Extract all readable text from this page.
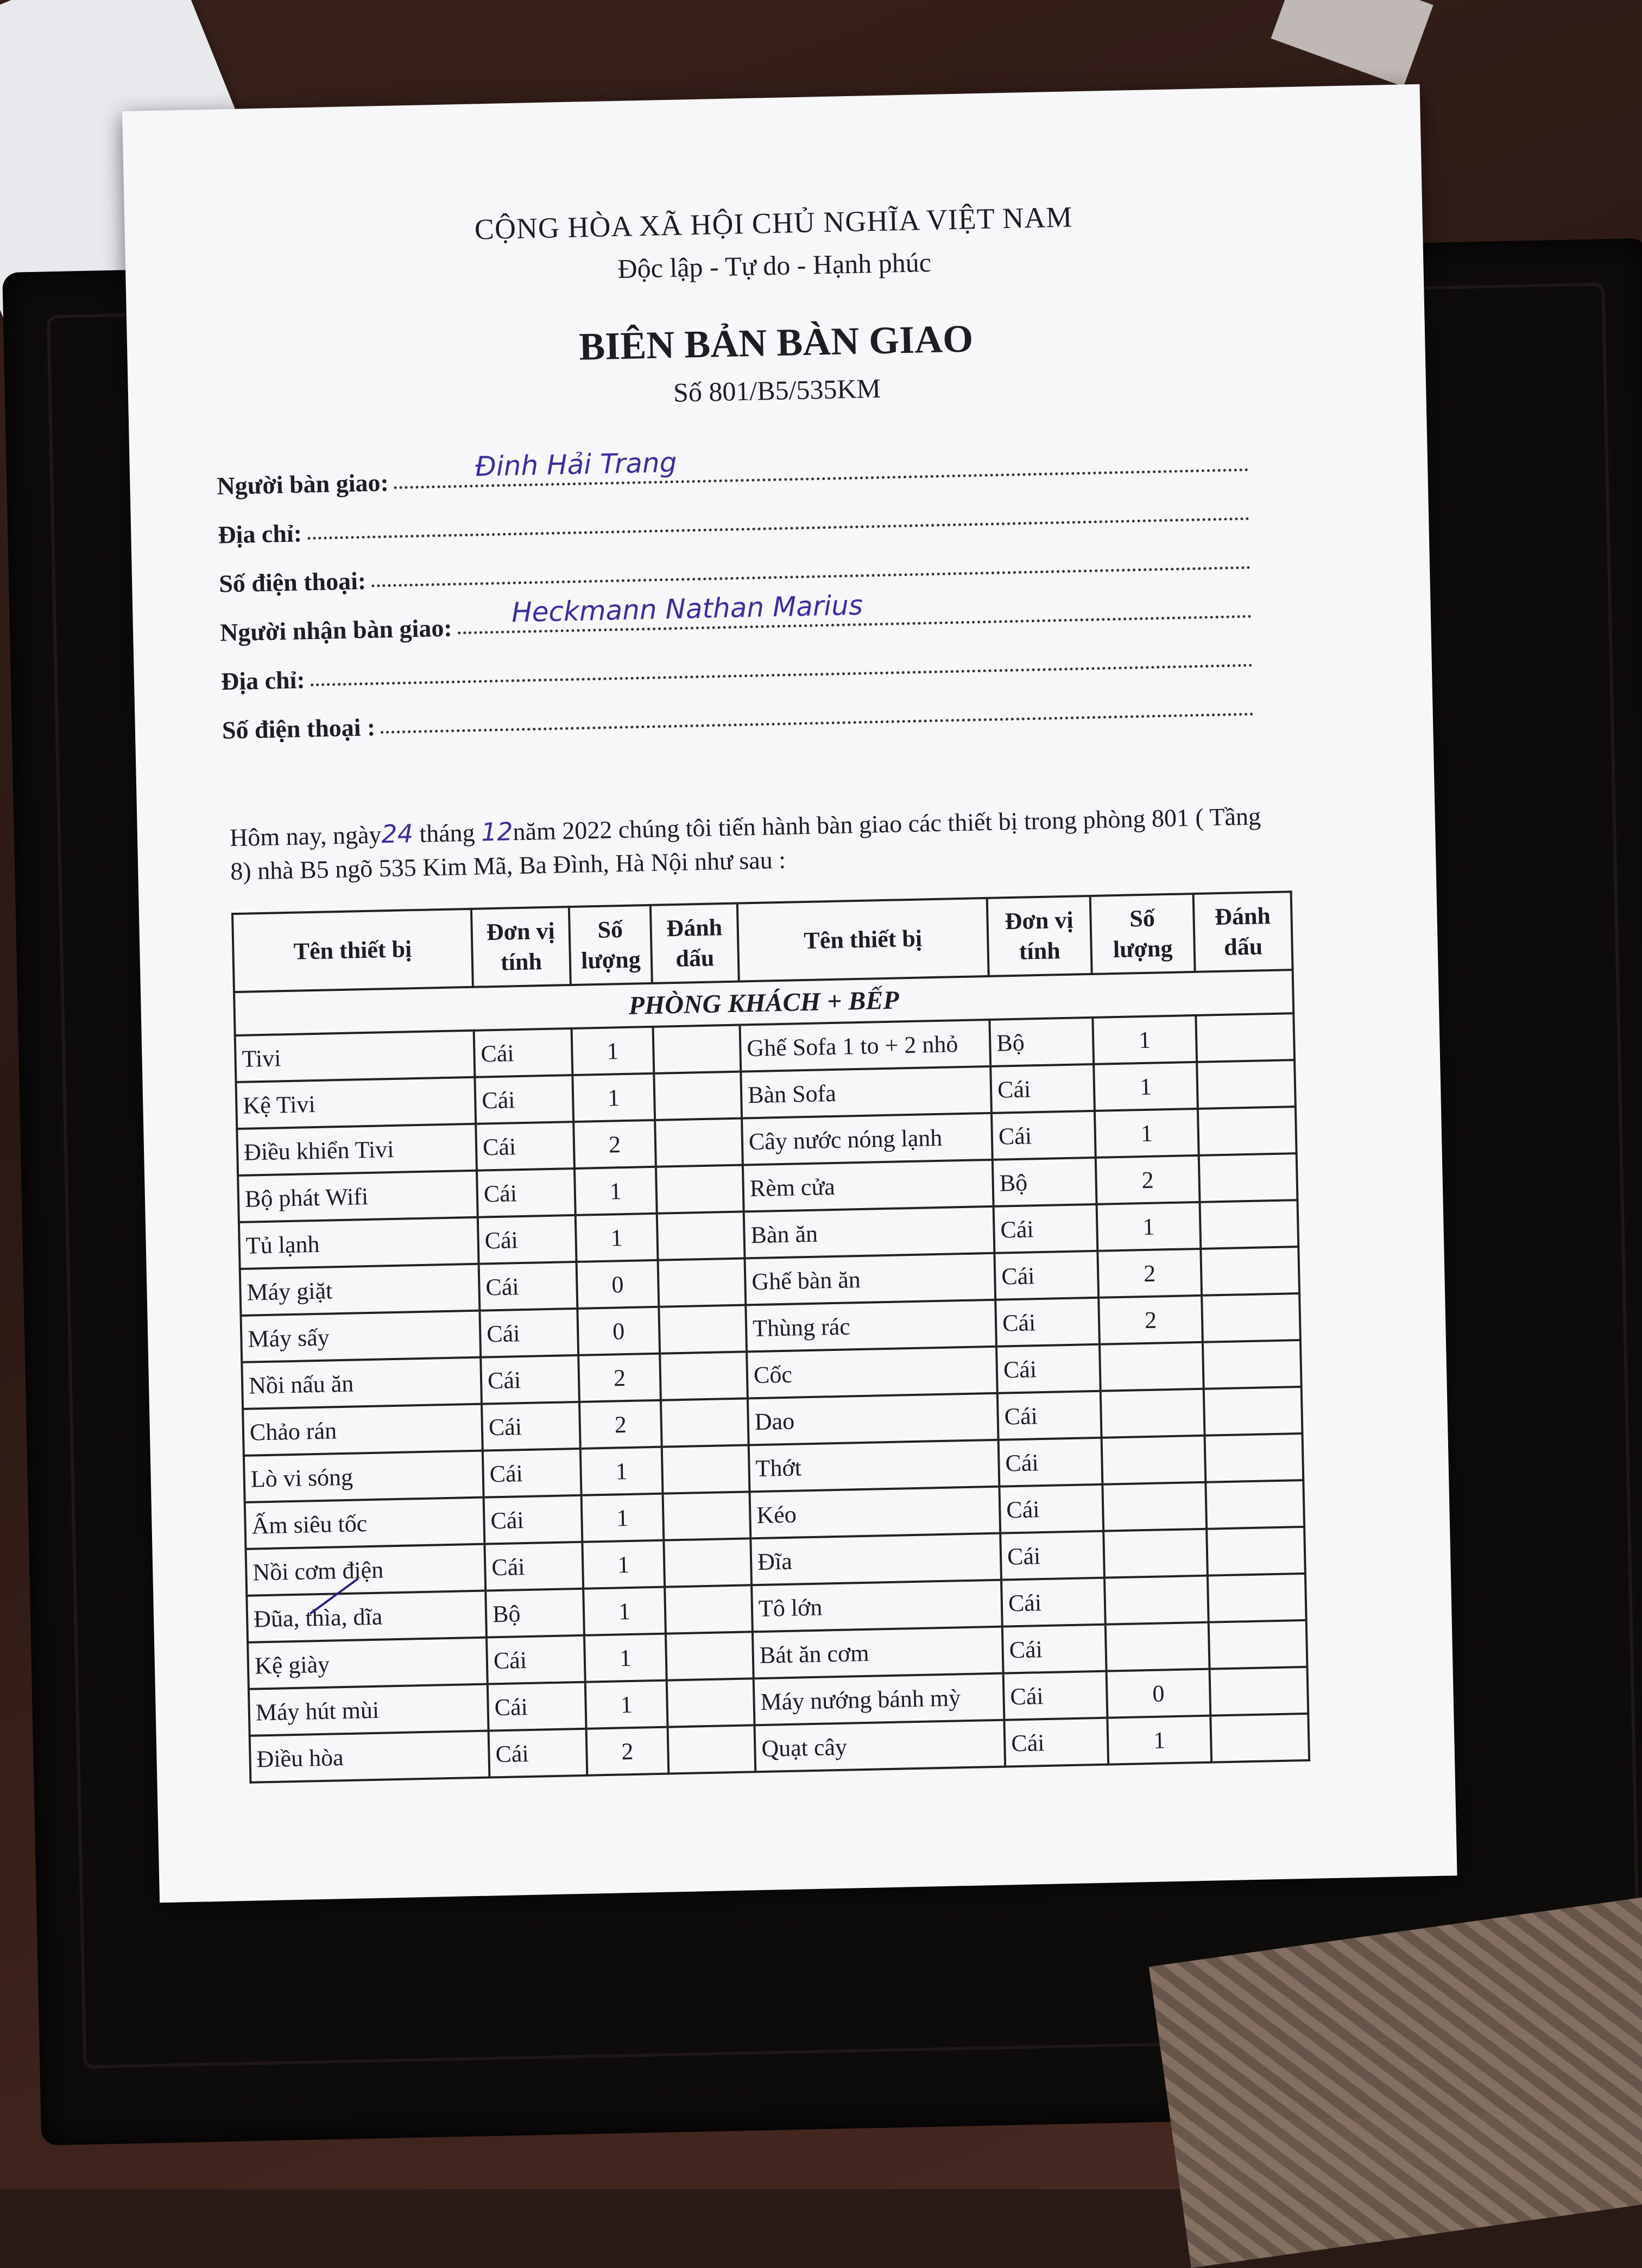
CỘNG HÒA XÃ HỘI CHỦ NGHĨA VIỆT NAM
Độc lập - Tự do - Hạnh phúc
BIÊN BẢN BÀN GIAO
Số 801/B5/535KM
Người bàn giao:
Đinh Hải Trang
Địa chỉ:
Số điện thoại:
Người nhận bàn giao:
Heckmann Nathan Marius
Địa chỉ:
Số điện thoại :
Hôm nay, ngày24 tháng 12năm 2022 chúng tôi tiến hành bàn giao các thiết bị trong phòng 801 ( Tầng 8) nhà B5 ngõ 535 Kim Mã, Ba Đình, Hà Nội như sau :
Tên thiết bị	Đơn vị tính	Số lượng	Đánh dấu	Tên thiết bị	Đơn vị tính	Số lượng	Đánh dấu
PHÒNG KHÁCH + BẾP							
Tivi	Cái	1		Ghế Sofa 1 to + 2 nhỏ	Bộ	1	
Kệ Tivi	Cái	1		Bàn Sofa	Cái	1	
Điều khiển Tivi	Cái	2		Cây nước nóng lạnh	Cái	1	
Bộ phát Wifi	Cái	1		Rèm cửa	Bộ	2	
Tủ lạnh	Cái	1		Bàn ăn	Cái	1	
Máy giặt	Cái	0		Ghế bàn ăn	Cái	2	
Máy sấy	Cái	0		Thùng rác	Cái	2	
Nồi nấu ăn	Cái	2		Cốc	Cái		
Chảo rán	Cái	2		Dao	Cái		
Lò vi sóng	Cái	1		Thớt	Cái		
Ấm siêu tốc	Cái	1		Kéo	Cái		
Nồi cơm điện	Cái	1		Đĩa	Cái		
Đũa, thìa, dĩa	Bộ	1		Tô lớn	Cái		
Kệ giày	Cái	1		Bát ăn cơm	Cái		
Máy hút mùi	Cái	1		Máy nướng bánh mỳ	Cái	0	
Điều hòa	Cái	2		Quạt cây	Cái	1	
